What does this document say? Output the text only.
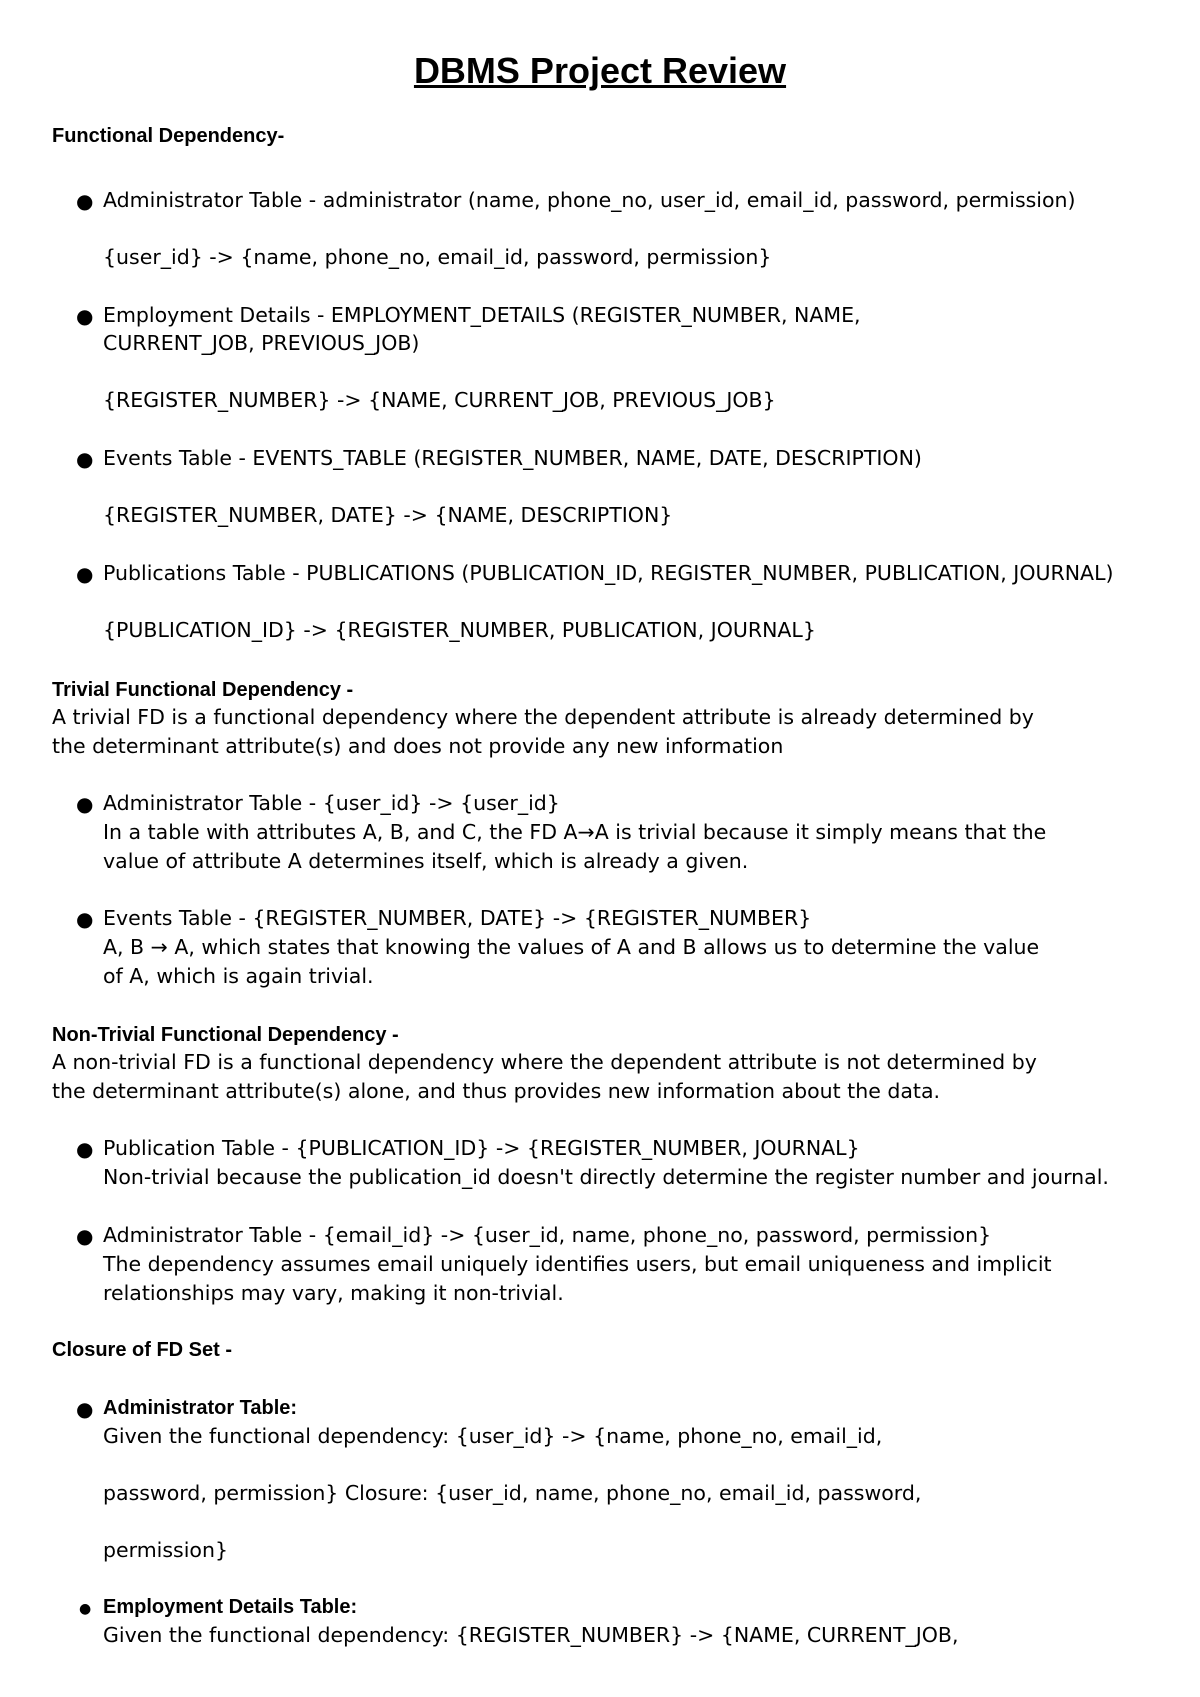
DBMS Project Review

Functional Dependency-

● Administrator Table - administrator (name, phone_no, user_id, email_id, password, permission)

{user_id} -> {name, phone_no, email_id, password, permission}

● Employment Details - EMPLOYMENT_DETAILS (REGISTER_NUMBER, NAME,

CURRENT_JOB, PREVIOUS_JOB)

{REGISTER_NUMBER} -> {NAME, CURRENT_JOB, PREVIOUS_JOB}

● Events Table - EVENTS_TABLE (REGISTER_NUMBER, NAME, DATE, DESCRIPTION)

{REGISTER_NUMBER, DATE} -> {NAME, DESCRIPTION}

● Publications Table - PUBLICATIONS (PUBLICATION_ID, REGISTER_NUMBER, PUBLICATION, JOURNAL)

{PUBLICATION_ID} -> {REGISTER_NUMBER, PUBLICATION, JOURNAL}

Trivial Functional Dependency -

A trivial FD is a functional dependency where the dependent attribute is already determined by

the determinant attribute(s) and does not provide any new information

● Administrator Table - {user_id} -> {user_id}

In a table with attributes A, B, and C, the FD A→A is trivial because it simply means that the

value of attribute A determines itself, which is already a given.

● Events Table - {REGISTER_NUMBER, DATE} -> {REGISTER_NUMBER}

A, B → A, which states that knowing the values of A and B allows us to determine the value

of A, which is again trivial.

Non-Trivial Functional Dependency -

A non-trivial FD is a functional dependency where the dependent attribute is not determined by

the determinant attribute(s) alone, and thus provides new information about the data.

● Publication Table - {PUBLICATION_ID} -> {REGISTER_NUMBER, JOURNAL}

Non-trivial because the publication_id doesn't directly determine the register number and journal.

● Administrator Table - {email_id} -> {user_id, name, phone_no, password, permission}

The dependency assumes email uniquely identifies users, but email uniqueness and implicit

relationships may vary, making it non-trivial.

Closure of FD Set -

● Administrator Table:

Given the functional dependency: {user_id} -> {name, phone_no, email_id,

password, permission} Closure: {user_id, name, phone_no, email_id, password,

permission}

● Employment Details Table:

Given the functional dependency: {REGISTER_NUMBER} -> {NAME, CURRENT_JOB,
